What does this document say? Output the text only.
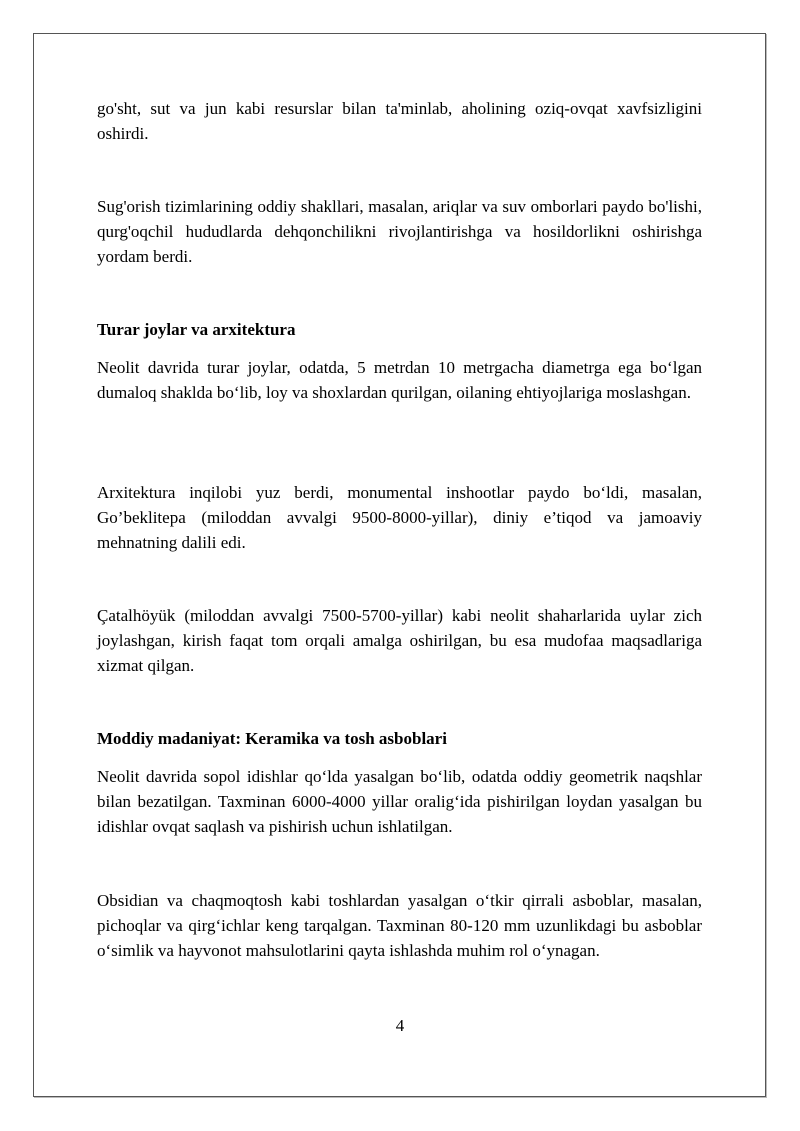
go'sht, sut va jun kabi resurslar bilan ta'minlab, aholining oziq-ovqat xavfsizligini oshirdi.

Sug'orish tizimlarining oddiy shakllari, masalan, ariqlar va suv omborlari paydo bo'lishi, qurg'oqchil hududlarda dehqonchilikni rivojlantirishga va hosildorlikni oshirishga yordam berdi.

Turar joylar va arxitektura

Neolit davrida turar joylar, odatda, 5 metrdan 10 metrgacha diametrga ega bo‘lgan dumaloq shaklda bo‘lib, loy va shoxlardan qurilgan, oilaning ehtiyojlariga moslashgan.

Arxitektura inqilobi yuz berdi, monumental inshootlar paydo bo‘ldi, masalan, Go’beklitepa (miloddan avvalgi 9500-8000-yillar), diniy e’tiqod va jamoaviy mehnatning dalili edi.

Çatalhöyük (miloddan avvalgi 7500-5700-yillar) kabi neolit shaharlarida uylar zich joylashgan, kirish faqat tom orqali amalga oshirilgan, bu esa mudofaa maqsadlariga xizmat qilgan.

Moddiy madaniyat: Keramika va tosh asboblari

Neolit davrida sopol idishlar qo‘lda yasalgan bo‘lib, odatda oddiy geometrik naqshlar bilan bezatilgan. Taxminan 6000-4000 yillar oralig‘ida pishirilgan loydan yasalgan bu idishlar ovqat saqlash va pishirish uchun ishlatilgan.

Obsidian va chaqmoqtosh kabi toshlardan yasalgan o‘tkir qirrali asboblar, masalan, pichoqlar va qirg‘ichlar keng tarqalgan. Taxminan 80-120 mm uzunlikdagi bu asboblar o‘simlik va hayvonot mahsulotlarini qayta ishlashda muhim rol o‘ynagan.

4
